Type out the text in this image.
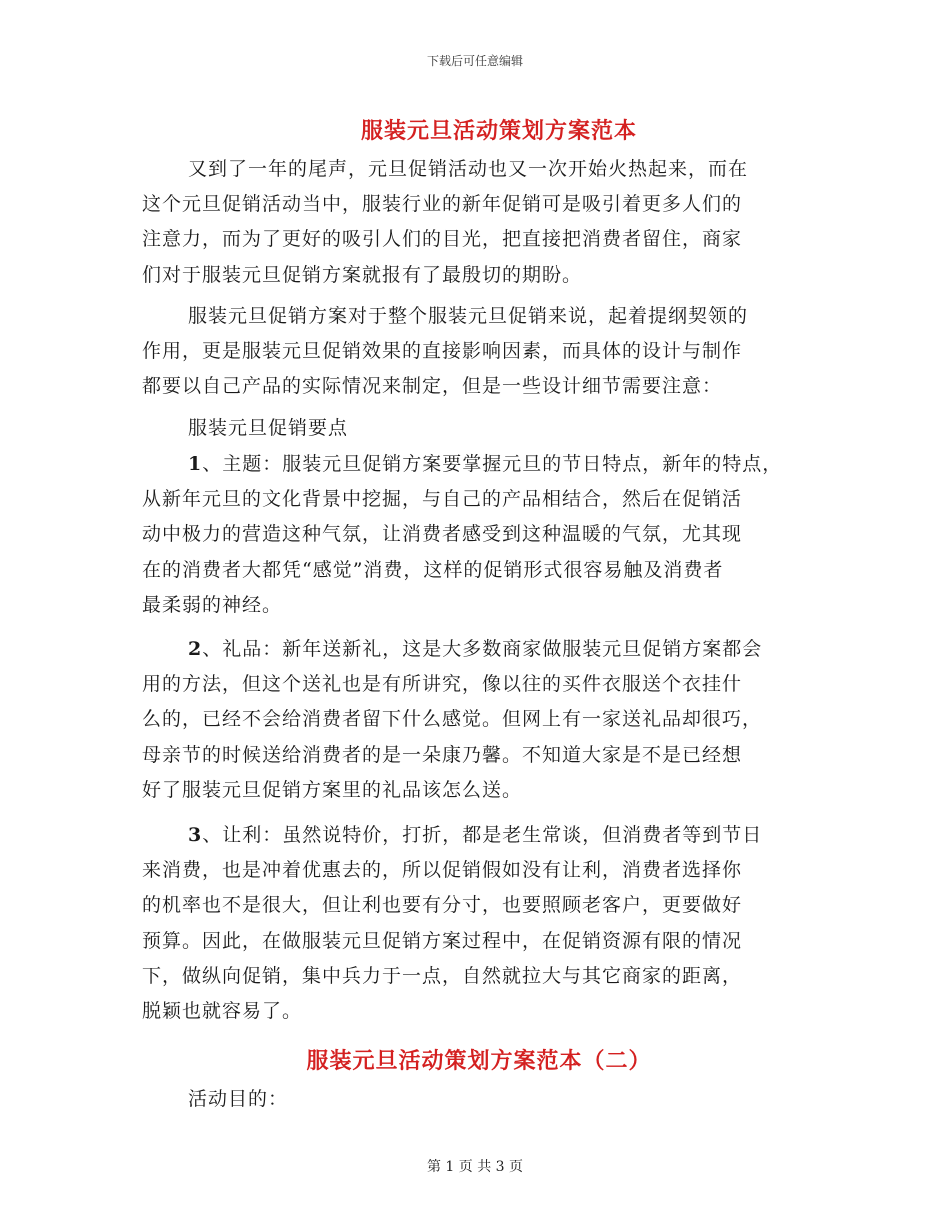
下载后可任意编辑
服装元旦活动策划方案范本
又到了一年的尾声，元旦促销活动也又一次开始火热起来，而在
这个元旦促销活动当中，服装行业的新年促销可是吸引着更多人们的
注意力，而为了更好的吸引人们的目光，把直接把消费者留住，商家
们对于服装元旦促销方案就报有了最殷切的期盼。
服装元旦促销方案对于整个服装元旦促销来说，起着提纲契领的
作用，更是服装元旦促销效果的直接影响因素，而具体的设计与制作
都要以自己产品的实际情况来制定，但是一些设计细节需要注意：
服装元旦促销要点
1、主题：服装元旦促销方案要掌握元旦的节日特点，新年的特点，
从新年元旦的文化背景中挖掘，与自己的产品相结合，然后在促销活
动中极力的营造这种气氛，让消费者感受到这种温暖的气氛，尤其现
在的消费者大都凭“感觉”消费，这样的促销形式很容易触及消费者
最柔弱的神经。
2、礼品：新年送新礼，这是大多数商家做服装元旦促销方案都会
用的方法，但这个送礼也是有所讲究，像以往的买件衣服送个衣挂什
么的，已经不会给消费者留下什么感觉。但网上有一家送礼品却很巧，
母亲节的时候送给消费者的是一朵康乃馨。不知道大家是不是已经想
好了服装元旦促销方案里的礼品该怎么送。
3、让利：虽然说特价，打折，都是老生常谈，但消费者等到节日
来消费，也是冲着优惠去的，所以促销假如没有让利，消费者选择你
的机率也不是很大，但让利也要有分寸，也要照顾老客户，更要做好
预算。因此，在做服装元旦促销方案过程中，在促销资源有限的情况
下，做纵向促销，集中兵力于一点，自然就拉大与其它商家的距离，
脱颖也就容易了。
服装元旦活动策划方案范本（二）
活动目的：
第 1 页 共 3 页
